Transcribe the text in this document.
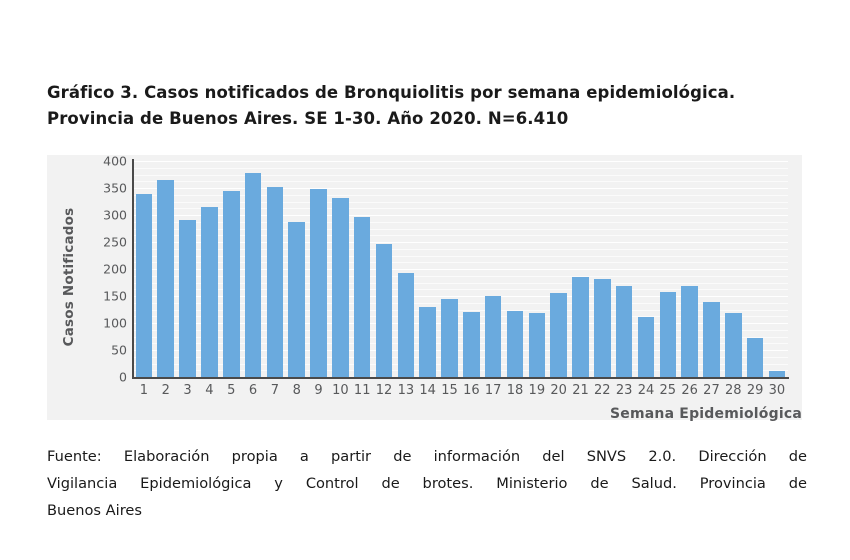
Gráfico 3. Casos notificados de Bronquiolitis por semana epidemiológica.
Provincia de Buenos Aires. SE 1-30. Año 2020. N=6.410
0
50
100
150
200
250
300
350
400
Casos Notificados
1	2	3	4	5	6	7	8	9 10 11 12 13 14 15 16 17 18 19 20 21 22 23 24 25 26 27 28 29 30
Semana Epidemiológica
Fuente: Elaboración propia a partir de información del SNVS 2.0. Dirección de
Vigilancia Epidemiológica y Control de brotes. Ministerio de Salud. Provincia de
Buenos Aires
